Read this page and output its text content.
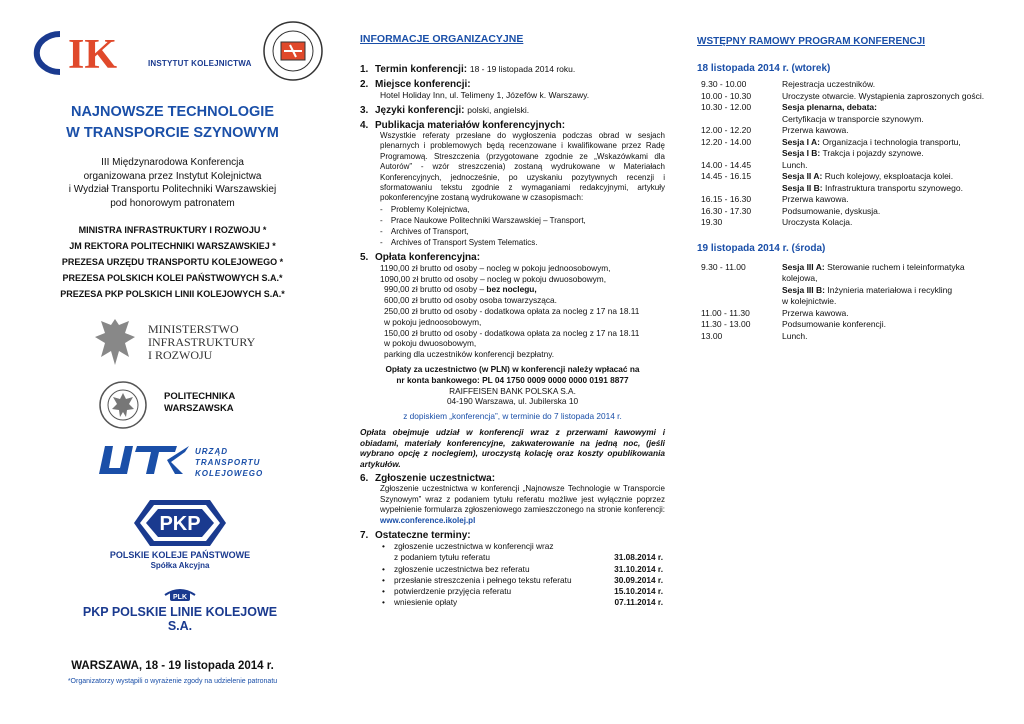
IK	INSTYTUT KOLEJNICTWA
NAJNOWSZE TECHNOLOGIE
W TRANSPORCIE SZYNOWYM
III Międzynarodowa Konferencja
organizowana przez Instytut Kolejnictwa
i Wydział Transportu Politechniki Warszawskiej
pod honorowym patronatem
MINISTRA INFRASTRUKTURY I ROZWOJU *
JM REKTORA POLITECHNIKI WARSZAWSKIEJ *
PREZESA URZĘDU TRANSPORTU KOLEJOWEGO *
PREZESA POLSKICH KOLEI PAŃSTWOWYCH S.A.*
PREZESA PKP POLSKICH LINII KOLEJOWYCH S.A.*
MINISTERSTWO
INFRASTRUKTURY
I ROZWOJU
POLITECHNIKA
WARSZAWSKA
URZĄD
TRANSPORTU
KOLEJOWEGO
PKP
POLSKIE KOLEJE PAŃSTWOWE
Spółka Akcyjna
PLK
PKP POLSKIE LINIE KOLEJOWE S.A.
WARSZAWA, 18 - 19 listopada 2014 r.
*Organizatorzy wystąpili o wyrażenie zgody na udzielenie patronatu
INFORMACJE ORGANIZACYJNE
1. Termin konferencji: 18 - 19 listopada 2014 roku.
2. Miejsce konferencji:
Hotel Holiday Inn, ul. Telimeny 1, Józefów k. Warszawy.
3. Języki konferencji: polski, angielski.
4. Publikacja materiałów konferencyjnych:
Wszystkie referaty przesłane do wygłoszenia podczas obrad w sesjach plenarnych i problemowych będą recenzowane i kwalifikowane przez Radę Programową. Streszczenia (przygotowane zgodnie ze „Wskazówkami dla Autorów” - wzór streszczenia) zostaną wydrukowane w Materiałach Konferencyjnych, jednocześnie, po uzyskaniu pozytywnych recenzji i sformatowaniu tekstu zgodnie z wymaganiami redakcyjnymi, artykuły pokonferencyjne zostaną wydrukowane w czasopismach:
- Problemy Kolejnictwa,
- Prace Naukowe Politechniki Warszawskiej – Transport,
- Archives of Transport,
- Archives of Transport System Telematics.
5. Opłata konferencyjna:
1190,00 zł brutto od osoby – nocleg w pokoju jednoosobowym,
1090,00 zł brutto od osoby – nocleg w pokoju dwuosobowym,
990,00 zł brutto od osoby – bez noclegu,
600,00 zł brutto od osoby osoba towarzysząca.
250,00 zł brutto od osoby - dodatkowa opłata za nocleg z 17 na 18.11
w pokoju jednoosobowym,
150,00 zł brutto od osoby - dodatkowa opłata za nocleg z 17 na 18.11
w pokoju dwuosobowym,
parking dla uczestników konferencji bezpłatny.
Opłaty za uczestnictwo (w PLN) w konferencji należy wpłacać na
nr konta bankowego: PL 04 1750 0009 0000 0000 0191 8877
RAIFFEISEN BANK POLSKA S.A.
04-190 Warszawa, ul. Jubilerska 10
z dopiskiem „konferencja”, w terminie do 7 listopada 2014 r.
Opłata obejmuje udział w konferencji wraz z przerwami kawowymi i obiadami, materiały konferencyjne, zakwaterowanie na jedną noc, (jeśli wybrano opcję z noclegiem), uroczystą kolację oraz koszty opublikowania artykułów.
6. Zgłoszenie uczestnictwa:
Zgłoszenie uczestnictwa w konferencji „Najnowsze Technologie w Transporcie Szynowym” wraz z podaniem tytułu referatu możliwe jest wyłącznie poprzez wypełnienie formularza zgłoszeniowego zamieszczonego na stronie konferencji: www.conference.ikolej.pl
7. Ostateczne terminy:
• zgłoszenie uczestnictwa w konferencji wraz
z podaniem tytułu referatu	31.08.2014 r.
• zgłoszenie uczestnictwa bez referatu	31.10.2014 r.
• przesłanie streszczenia i pełnego tekstu referatu	30.09.2014 r.
• potwierdzenie przyjęcia referatu	15.10.2014 r.
• wniesienie opłaty	07.11.2014 r.
WSTĘPNY RAMOWY PROGRAM KONFERENCJI
18 listopada 2014 r. (wtorek)
9.30 - 10.00	Rejestracja uczestników.
10.00 - 10.30	Uroczyste otwarcie. Wystąpienia zaproszonych gości.
10.30 - 12.00	Sesja plenarna, debata:
Certyfikacja w transporcie szynowym.
12.00 - 12.20	Przerwa kawowa.
12.20 - 14.00	Sesja I A: Organizacja i technologia transportu,
Sesja I B: Trakcja i pojazdy szynowe.
14.00 - 14.45	Lunch.
14.45 - 16.15	Sesja II A: Ruch kolejowy, eksploatacja kolei.
Sesja II B: Infrastruktura transportu szynowego.
16.15 - 16.30	Przerwa kawowa.
16.30 - 17.30	Podsumowanie, dyskusja.
19.30	Uroczysta Kolacja.
19 listopada 2014 r. (środa)
9.30 - 11.00	Sesja III A: Sterowanie ruchem i teleinformatyka
kolejowa,
Sesja III B: Inżynieria materiałowa i recykling
w kolejnictwie.
11.00 - 11.30	Przerwa kawowa.
11.30 - 13.00	Podsumowanie konferencji.
13.00	Lunch.
